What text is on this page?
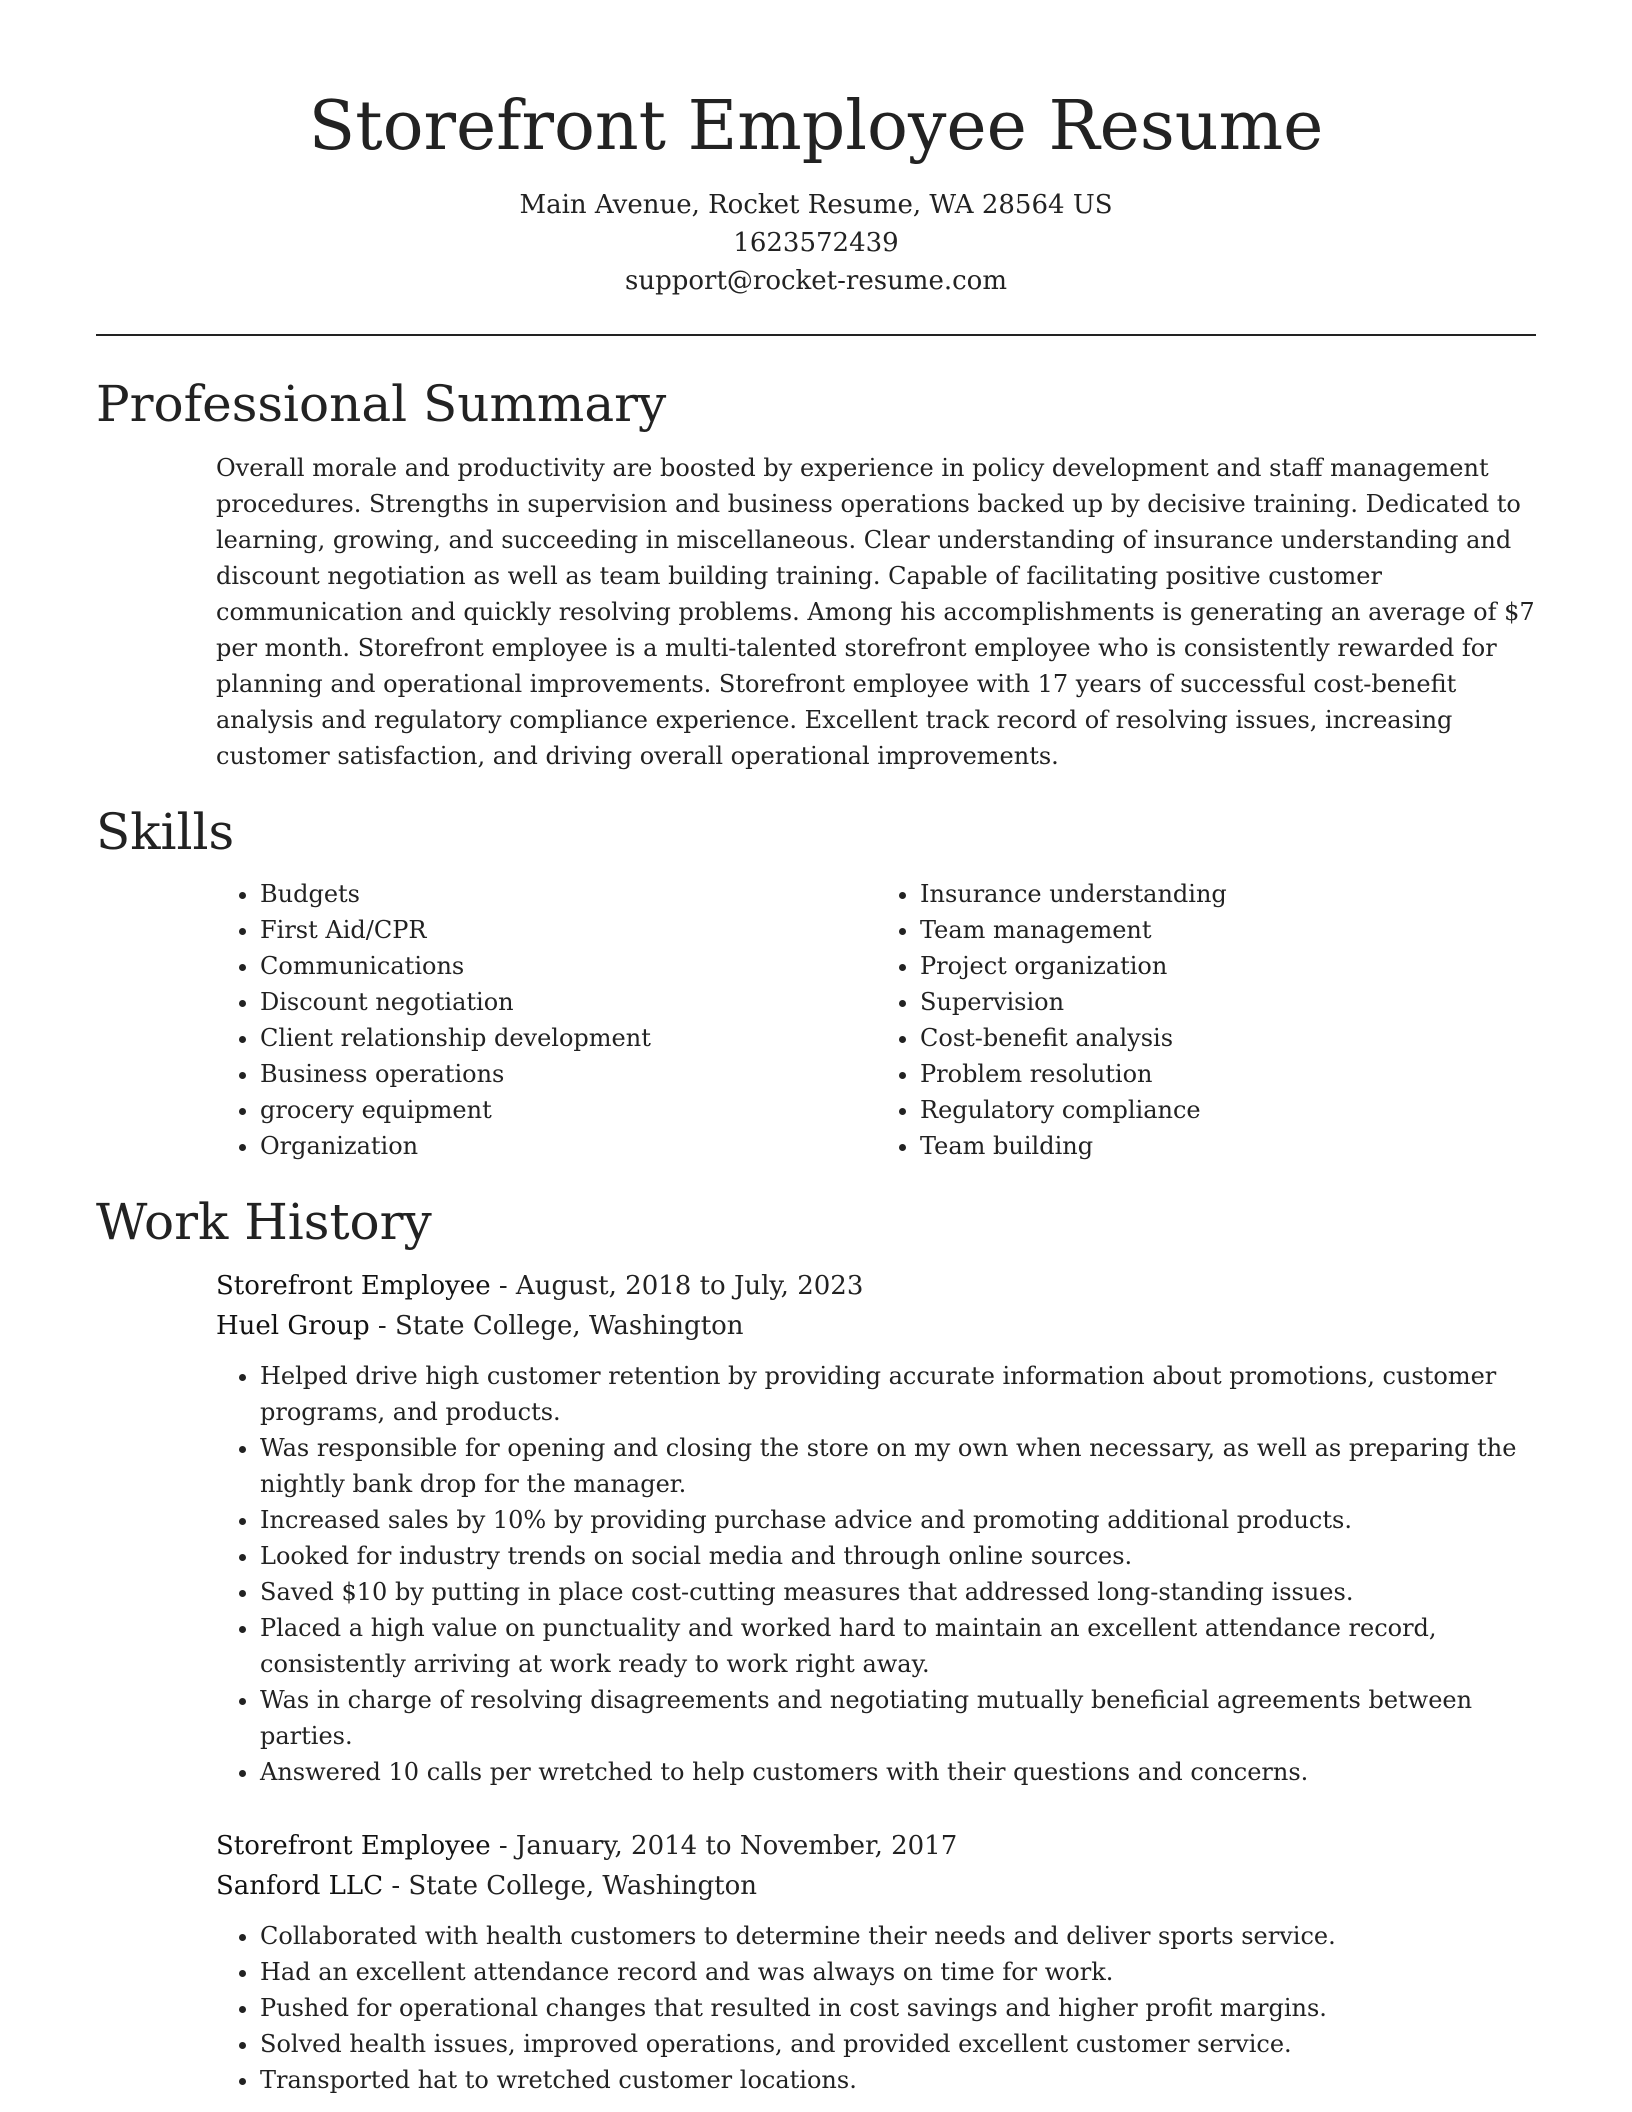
Storefront Employee Resume

Main Avenue, Rocket Resume, WA 28564 US

1623572439

support@rocket-resume.com

Professional Summary

Overall morale and productivity are boosted by experience in policy development and staff management procedures. Strengths in supervision and business operations backed up by decisive training. Dedicated to learning, growing, and succeeding in miscellaneous. Clear understanding of insurance understanding and discount negotiation as well as team building training. Capable of facilitating positive customer communication and quickly resolving problems. Among his accomplishments is generating an average of $7 per month. Storefront employee is a multi-talented storefront employee who is consistently rewarded for planning and operational improvements. Storefront employee with 17 years of successful cost-benefit analysis and regulatory compliance experience. Excellent track record of resolving issues, increasing customer satisfaction, and driving overall operational improvements.

Skills
• Budgets
• First Aid/CPR
• Communications
• Discount negotiation
• Client relationship development
• Business operations
• grocery equipment
• Organization
• Insurance understanding
• Team management
• Project organization
• Supervision
• Cost-benefit analysis
• Problem resolution
• Regulatory compliance
• Team building
Work History

Storefront Employee - August, 2018 to July, 2023

Huel Group - State College, Washington

• Helped drive high customer retention by providing accurate information about promotions, customer programs, and products.
• Was responsible for opening and closing the store on my own when necessary, as well as preparing the nightly bank drop for the manager.
• Increased sales by 10% by providing purchase advice and promoting additional products.
• Looked for industry trends on social media and through online sources.
• Saved $10 by putting in place cost-cutting measures that addressed long-standing issues.
• Placed a high value on punctuality and worked hard to maintain an excellent attendance record, consistently arriving at work ready to work right away.
• Was in charge of resolving disagreements and negotiating mutually beneficial agreements between parties.
• Answered 10 calls per wretched to help customers with their questions and concerns.

Storefront Employee - January, 2014 to November, 2017

Sanford LLC - State College, Washington

• Collaborated with health customers to determine their needs and deliver sports service.
• Had an excellent attendance record and was always on time for work.
• Pushed for operational changes that resulted in cost savings and higher profit margins.
• Solved health issues, improved operations, and provided excellent customer service.
• Transported hat to wretched customer locations.
